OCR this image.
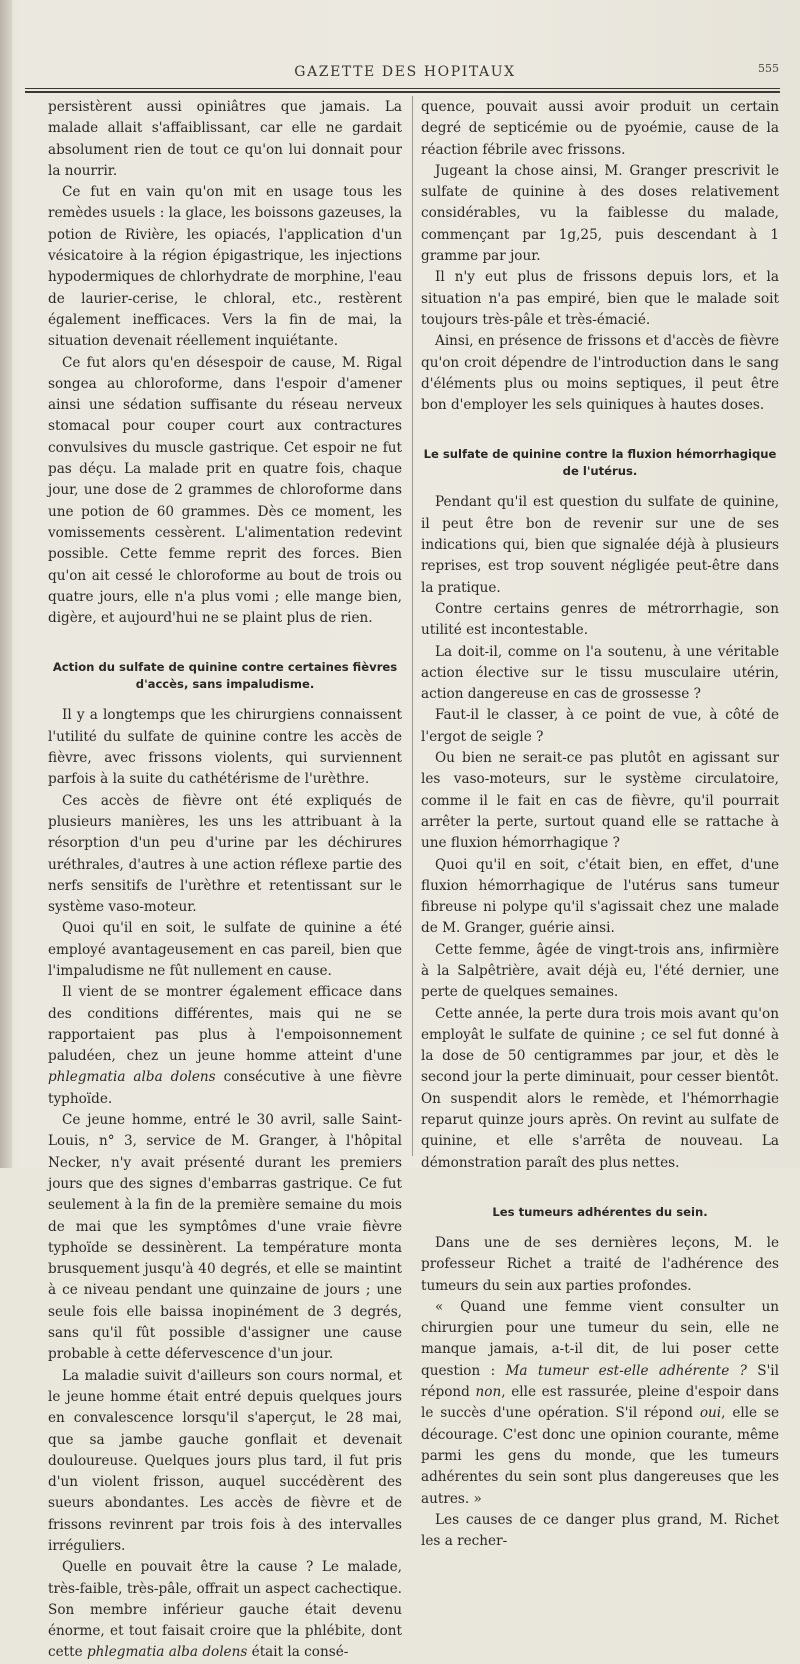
GAZETTE DES HOPITAUX	555

persistèrent aussi opiniâtres que jamais. La malade allait s'affaiblissant, car elle ne gardait absolument rien de tout ce qu'on lui donnait pour la nourrir.

Ce fut en vain qu'on mit en usage tous les remèdes usuels : la glace, les boissons gazeuses, la potion de Rivière, les opiacés, l'application d'un vésicatoire à la région épigastrique, les injections hypodermiques de chlorhydrate de morphine, l'eau de laurier-cerise, le chloral, etc., restèrent également inefficaces. Vers la fin de mai, la situation devenait réellement inquiétante.

Ce fut alors qu'en désespoir de cause, M. Rigal songea au chloroforme, dans l'espoir d'amener ainsi une sédation suffisante du réseau nerveux stomacal pour couper court aux contractures convulsives du muscle gastrique. Cet espoir ne fut pas déçu. La malade prit en quatre fois, chaque jour, une dose de 2 grammes de chloroforme dans une potion de 60 grammes. Dès ce moment, les vomissements cessèrent. L'alimentation redevint possible. Cette femme reprit des forces. Bien qu'on ait cessé le chloroforme au bout de trois ou quatre jours, elle n'a plus vomi ; elle mange bien, digère, et aujourd'hui ne se plaint plus de rien.

Action du sulfate de quinine contre certaines fièvres
d'accès, sans impaludisme.

Il y a longtemps que les chirurgiens connaissent l'utilité du sulfate de quinine contre les accès de fièvre, avec frissons violents, qui surviennent parfois à la suite du cathétérisme de l'urèthre.

Ces accès de fièvre ont été expliqués de plusieurs manières, les uns les attribuant à la résorption d'un peu d'urine par les déchirures uréthrales, d'autres à une action réflexe partie des nerfs sensitifs de l'urèthre et retentissant sur le système vaso-moteur.

Quoi qu'il en soit, le sulfate de quinine a été employé avantageusement en cas pareil, bien que l'impaludisme ne fût nullement en cause.

Il vient de se montrer également efficace dans des conditions différentes, mais qui ne se rapportaient pas plus à l'empoisonnement paludéen, chez un jeune homme atteint d'une phlegmatia alba dolens consécutive à une fièvre typhoïde.

Ce jeune homme, entré le 30 avril, salle Saint-Louis, n° 3, service de M. Granger, à l'hôpital Necker, n'y avait présenté durant les premiers jours que des signes d'embarras gastrique. Ce fut seulement à la fin de la première semaine du mois de mai que les symptômes d'une vraie fièvre typhoïde se dessinèrent. La température monta brusquement jusqu'à 40 degrés, et elle se maintint à ce niveau pendant une quinzaine de jours ; une seule fois elle baissa inopinément de 3 degrés, sans qu'il fût possible d'assigner une cause probable à cette défervescence d'un jour.

La maladie suivit d'ailleurs son cours normal, et le jeune homme était entré depuis quelques jours en convalescence lorsqu'il s'aperçut, le 28 mai, que sa jambe gauche gonflait et devenait douloureuse. Quelques jours plus tard, il fut pris d'un violent frisson, auquel succédèrent des sueurs abondantes. Les accès de fièvre et de frissons revinrent par trois fois à des intervalles irréguliers.

Quelle en pouvait être la cause ? Le malade, très-faible, très-pâle, offrait un aspect cachectique. Son membre inférieur gauche était devenu énorme, et tout faisait croire que la phlébite, dont cette phlegmatia alba dolens était la consé-

quence, pouvait aussi avoir produit un certain degré de septicémie ou de pyoémie, cause de la réaction fébrile avec frissons.

Jugeant la chose ainsi, M. Granger prescrivit le sulfate de quinine à des doses relativement considérables, vu la faiblesse du malade, commençant par 1g,25, puis descendant à 1 gramme par jour.

Il n'y eut plus de frissons depuis lors, et la situation n'a pas empiré, bien que le malade soit toujours très-pâle et très-émacié.

Ainsi, en présence de frissons et d'accès de fièvre qu'on croit dépendre de l'introduction dans le sang d'éléments plus ou moins septiques, il peut être bon d'employer les sels quiniques à hautes doses.

Le sulfate de quinine contre la fluxion hémorrhagique
de l'utérus.

Pendant qu'il est question du sulfate de quinine, il peut être bon de revenir sur une de ses indications qui, bien que signalée déjà à plusieurs reprises, est trop souvent négligée peut-être dans la pratique.

Contre certains genres de métrorrhagie, son utilité est incontestable.

La doit-il, comme on l'a soutenu, à une véritable action élective sur le tissu musculaire utérin, action dangereuse en cas de grossesse ?

Faut-il le classer, à ce point de vue, à côté de l'ergot de seigle ?

Ou bien ne serait-ce pas plutôt en agissant sur les vaso-moteurs, sur le système circulatoire, comme il le fait en cas de fièvre, qu'il pourrait arrêter la perte, surtout quand elle se rattache à une fluxion hémorrhagique ?

Quoi qu'il en soit, c'était bien, en effet, d'une fluxion hémorrhagique de l'utérus sans tumeur fibreuse ni polype qu'il s'agissait chez une malade de M. Granger, guérie ainsi.

Cette femme, âgée de vingt-trois ans, infirmière à la Salpêtrière, avait déjà eu, l'été dernier, une perte de quelques semaines.

Cette année, la perte dura trois mois avant qu'on employât le sulfate de quinine ; ce sel fut donné à la dose de 50 centigrammes par jour, et dès le second jour la perte diminuait, pour cesser bientôt. On suspendit alors le remède, et l'hémorrhagie reparut quinze jours après. On revint au sulfate de quinine, et elle s'arrêta de nouveau. La démonstration paraît des plus nettes.

Les tumeurs adhérentes du sein.

Dans une de ses dernières leçons, M. le professeur Richet a traité de l'adhérence des tumeurs du sein aux parties profondes.

« Quand une femme vient consulter un chirurgien pour une tumeur du sein, elle ne manque jamais, a-t-il dit, de lui poser cette question : Ma tumeur est-elle adhérente ? S'il répond non, elle est rassurée, pleine d'espoir dans le succès d'une opération. S'il répond oui, elle se décourage. C'est donc une opinion courante, même parmi les gens du monde, que les tumeurs adhérentes du sein sont plus dangereuses que les autres. »

Les causes de ce danger plus grand, M. Richet les a recher-
